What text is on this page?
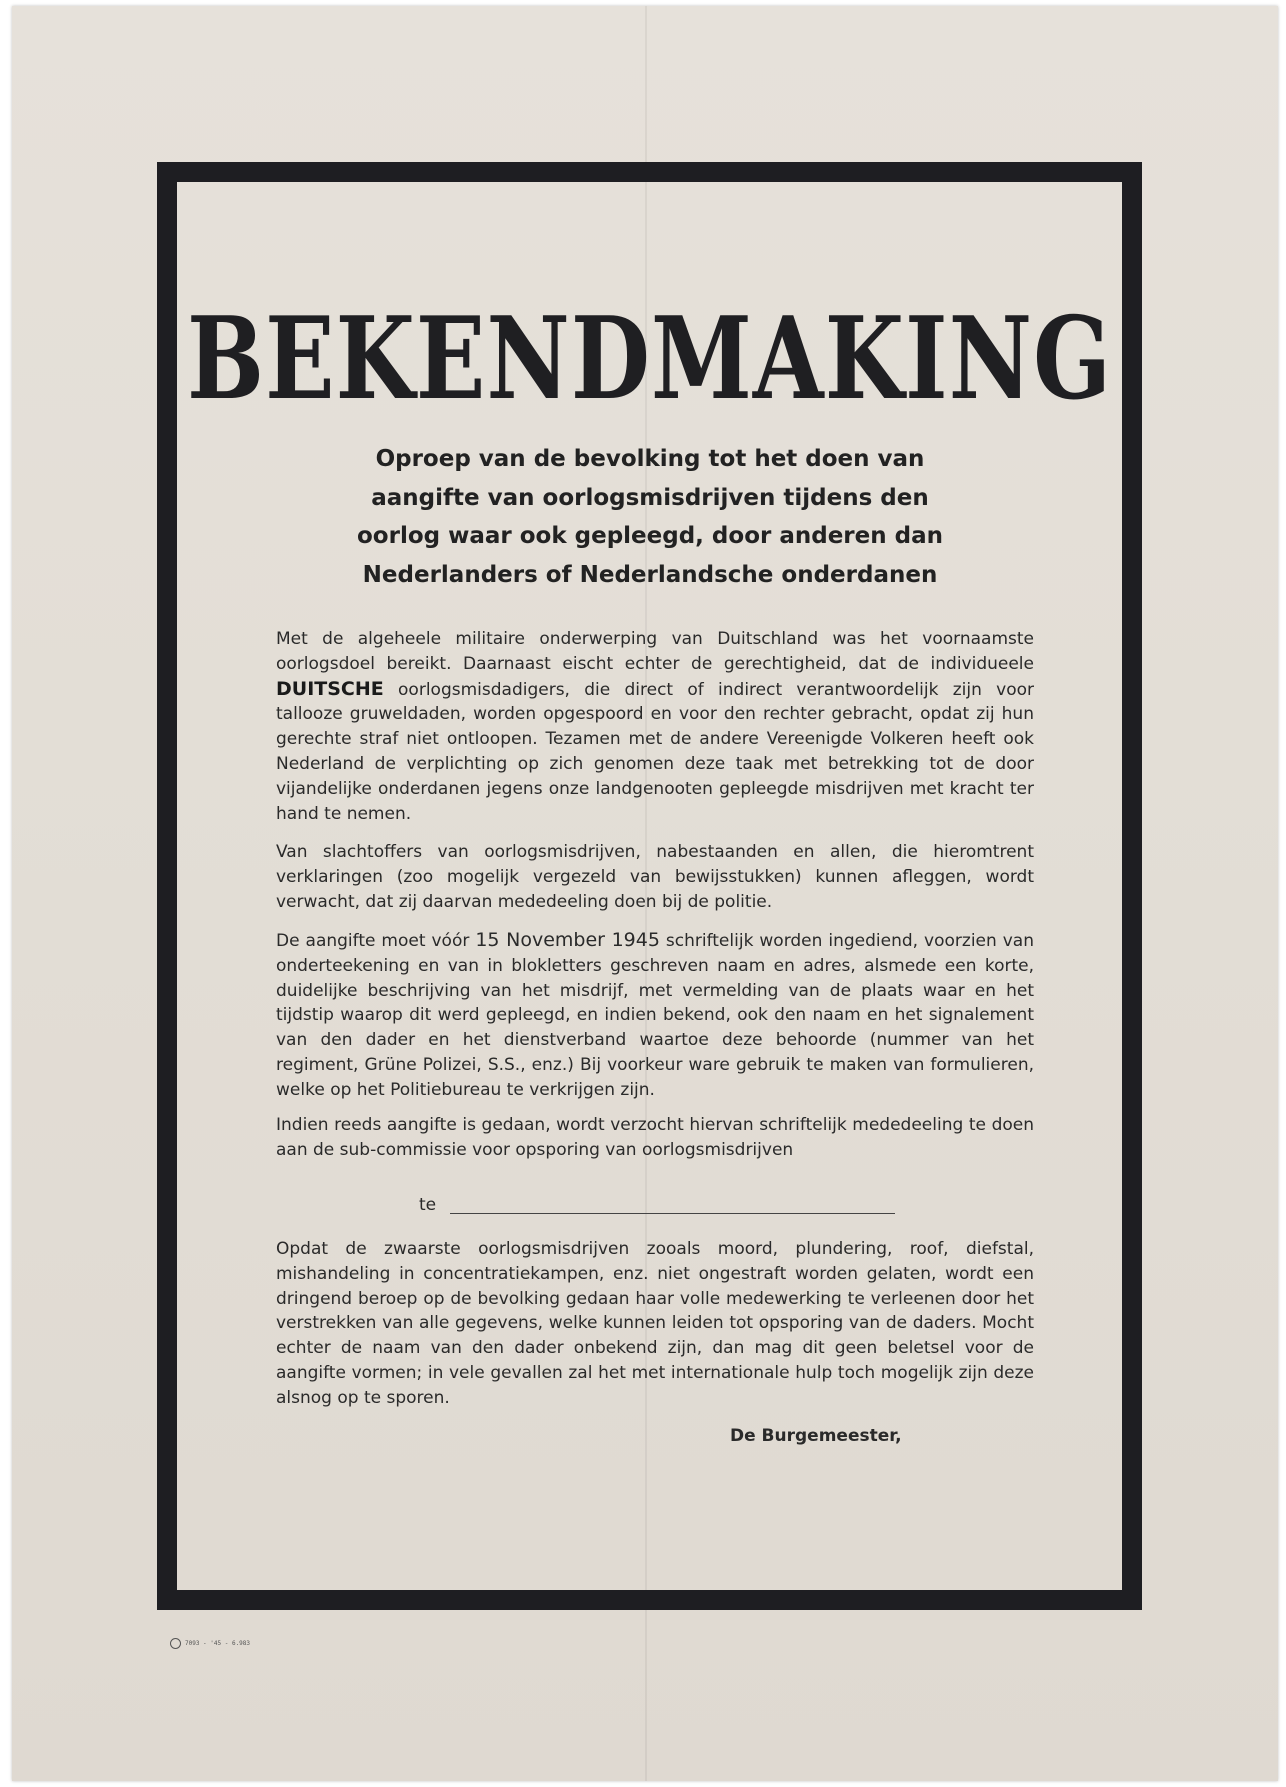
BEKENDMAKING
Oproep van de bevolking tot het doen van
aangifte van oorlogsmisdrijven tijdens den
oorlog waar ook gepleegd, door anderen dan
Nederlanders of Nederlandsche onderdanen

Met de algeheele militaire onderwerping van Duitschland was het voornaamste oorlogsdoel bereikt. Daarnaast eischt echter de gerechtigheid, dat de individueele DUITSCHE oorlogsmisdadigers, die direct of indirect verantwoordelijk zijn voor tallooze gruweldaden, worden opgespoord en voor den rechter gebracht, opdat zij hun gerechte straf niet ontloopen. Tezamen met de andere Vereenigde Volkeren heeft ook Nederland de verplichting op zich genomen deze taak met betrekking tot de door vijandelijke onderdanen jegens onze landgenooten gepleegde misdrijven met kracht ter hand te nemen.

Van slachtoffers van oorlogsmisdrijven, nabestaanden en allen, die hieromtrent verklaringen (zoo mogelijk vergezeld van bewijsstukken) kunnen afleggen, wordt verwacht, dat zij daarvan mededeeling doen bij de politie.

De aangifte moet vóór 15 November 1945 schriftelijk worden ingediend, voorzien van onderteekening en van in blokletters geschreven naam en adres, alsmede een korte, duidelijke beschrijving van het misdrijf, met vermelding van de plaats waar en het tijdstip waarop dit werd gepleegd, en indien bekend, ook den naam en het signalement van den dader en het dienstverband waartoe deze behoorde (nummer van het regiment, Grüne Polizei, S.S., enz.) Bij voorkeur ware gebruik te maken van formulieren, welke op het Politiebureau te verkrijgen zijn.

Indien reeds aangifte is gedaan, wordt verzocht hiervan schriftelijk mededeeling te doen aan de sub-commissie voor opsporing van oorlogsmisdrijven

te

Opdat de zwaarste oorlogsmisdrijven zooals moord, plundering, roof, diefstal, mishandeling in concentratiekampen, enz. niet ongestraft worden gelaten, wordt een dringend beroep op de bevolking gedaan haar volle medewerking te verleenen door het verstrekken van alle gegevens, welke kunnen leiden tot opsporing van de daders. Mocht echter de naam van den dader onbekend zijn, dan mag dit geen beletsel voor de aangifte vormen; in vele gevallen zal het met internationale hulp toch mogelijk zijn deze alsnog op te sporen.

De Burgemeester,
7093 - '45 - 6.983
